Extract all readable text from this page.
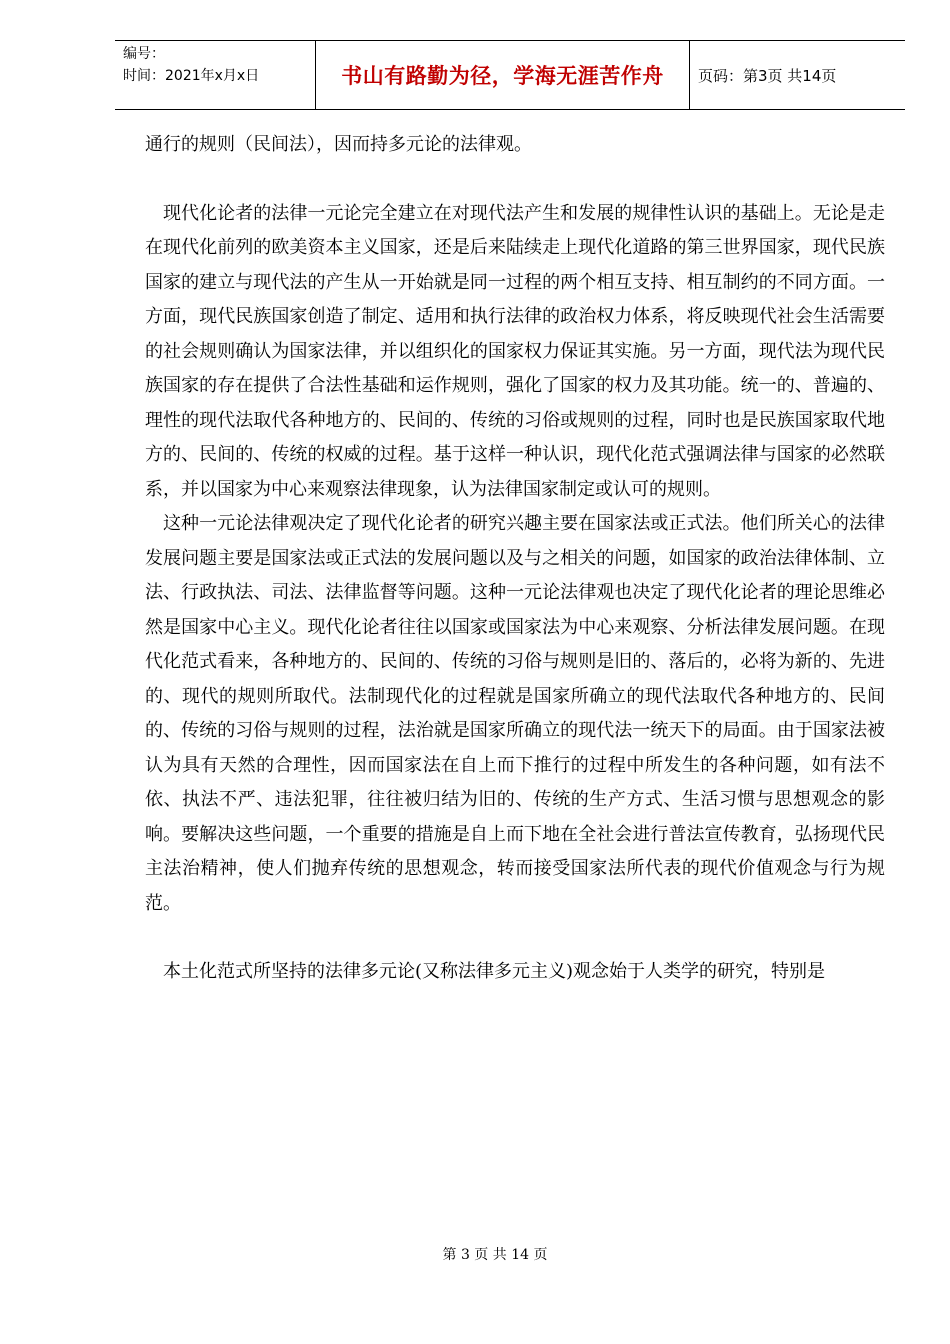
编号：
时间：2021年x月x日	书山有路勤为径，学海无涯苦作舟 页码：第3页 共14页

通行的规则（民间法），因而持多元论的法律观。

现代化论者的法律一元论完全建立在对现代法产生和发展的规律性认识的基础上。无论是走在现代化前列的欧美资本主义国家，还是后来陆续走上现代化道路的第三世界国家，现代民族国家的建立与现代法的产生从一开始就是同一过程的两个相互支持、相互制约的不同方面。一方面，现代民族国家创造了制定、适用和执行法律的政治权力体系，将反映现代社会生活需要的社会规则确认为国家法律，并以组织化的国家权力保证其实施。另一方面，现代法为现代民族国家的存在提供了合法性基础和运作规则，强化了国家的权力及其功能。统一的、普遍的、理性的现代法取代各种地方的、民间的、传统的习俗或规则的过程，同时也是民族国家取代地方的、民间的、传统的权威的过程。基于这样一种认识，现代化范式强调法律与国家的必然联系，并以国家为中心来观察法律现象，认为法律国家制定或认可的规则。

这种一元论法律观决定了现代化论者的研究兴趣主要在国家法或正式法。他们所关心的法律发展问题主要是国家法或正式法的发展问题以及与之相关的问题，如国家的政治法律体制、立法、行政执法、司法、法律监督等问题。这种一元论法律观也决定了现代化论者的理论思维必然是国家中心主义。现代化论者往往以国家或国家法为中心来观察、分析法律发展问题。在现代化范式看来，各种地方的、民间的、传统的习俗与规则是旧的、落后的，必将为新的、先进的、现代的规则所取代。法制现代化的过程就是国家所确立的现代法取代各种地方的、民间的、传统的习俗与规则的过程，法治就是国家所确立的现代法一统天下的局面。由于国家法被认为具有天然的合理性，因而国家法在自上而下推行的过程中所发生的各种问题，如有法不依、执法不严、违法犯罪，往往被归结为旧的、传统的生产方式、生活习惯与思想观念的影响。要解决这些问题，一个重要的措施是自上而下地在全社会进行普法宣传教育，弘扬现代民主法治精神，使人们抛弃传统的思想观念，转而接受国家法所代表的现代价值观念与行为规范。

本土化范式所坚持的法律多元论(又称法律多元主义)观念始于人类学的研究，特别是

第 3 页 共 14 页
